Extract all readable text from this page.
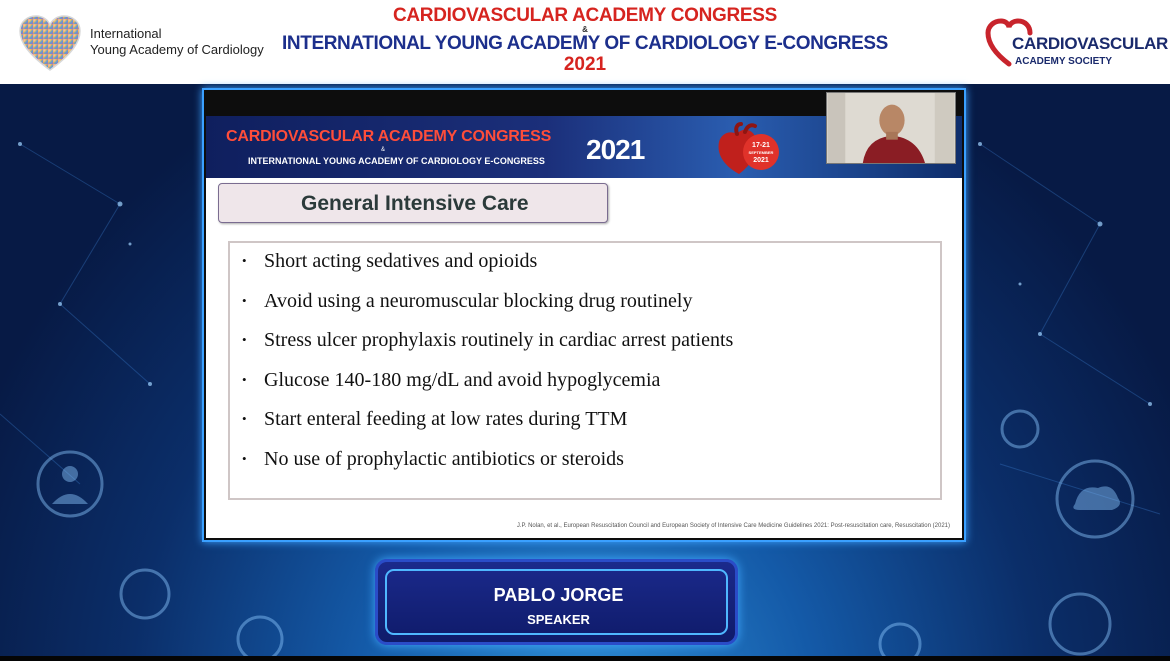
International
Young Academy of Cardiology
CARDIOVASCULAR ACADEMY CONGRESS
&
INTERNATIONAL YOUNG ACADEMY OF CARDIOLOGY E-CONGRESS
2021
CARDIOVASCULAR
ACADEMY SOCIETY
CARDIOVASCULAR ACADEMY CONGRESS
&
INTERNATIONAL YOUNG ACADEMY OF CARDIOLOGY E-CONGRESS 2021	17-21
SEPTEMBER
2021
General Intensive Care
• Short acting sedatives and opioids
• Avoid using a neuromuscular blocking drug routinely
• Stress ulcer prophylaxis routinely in cardiac arrest patients
• Glucose 140-180 mg/dL and avoid hypoglycemia
• Start enteral feeding at low rates during TTM
• No use of prophylactic antibiotics or steroids
J.P. Nolan, et al., European Resuscitation Council and European Society of Intensive Care Medicine Guidelines 2021: Post-resuscitation care, Resuscitation (2021)
PABLO JORGE
SPEAKER
